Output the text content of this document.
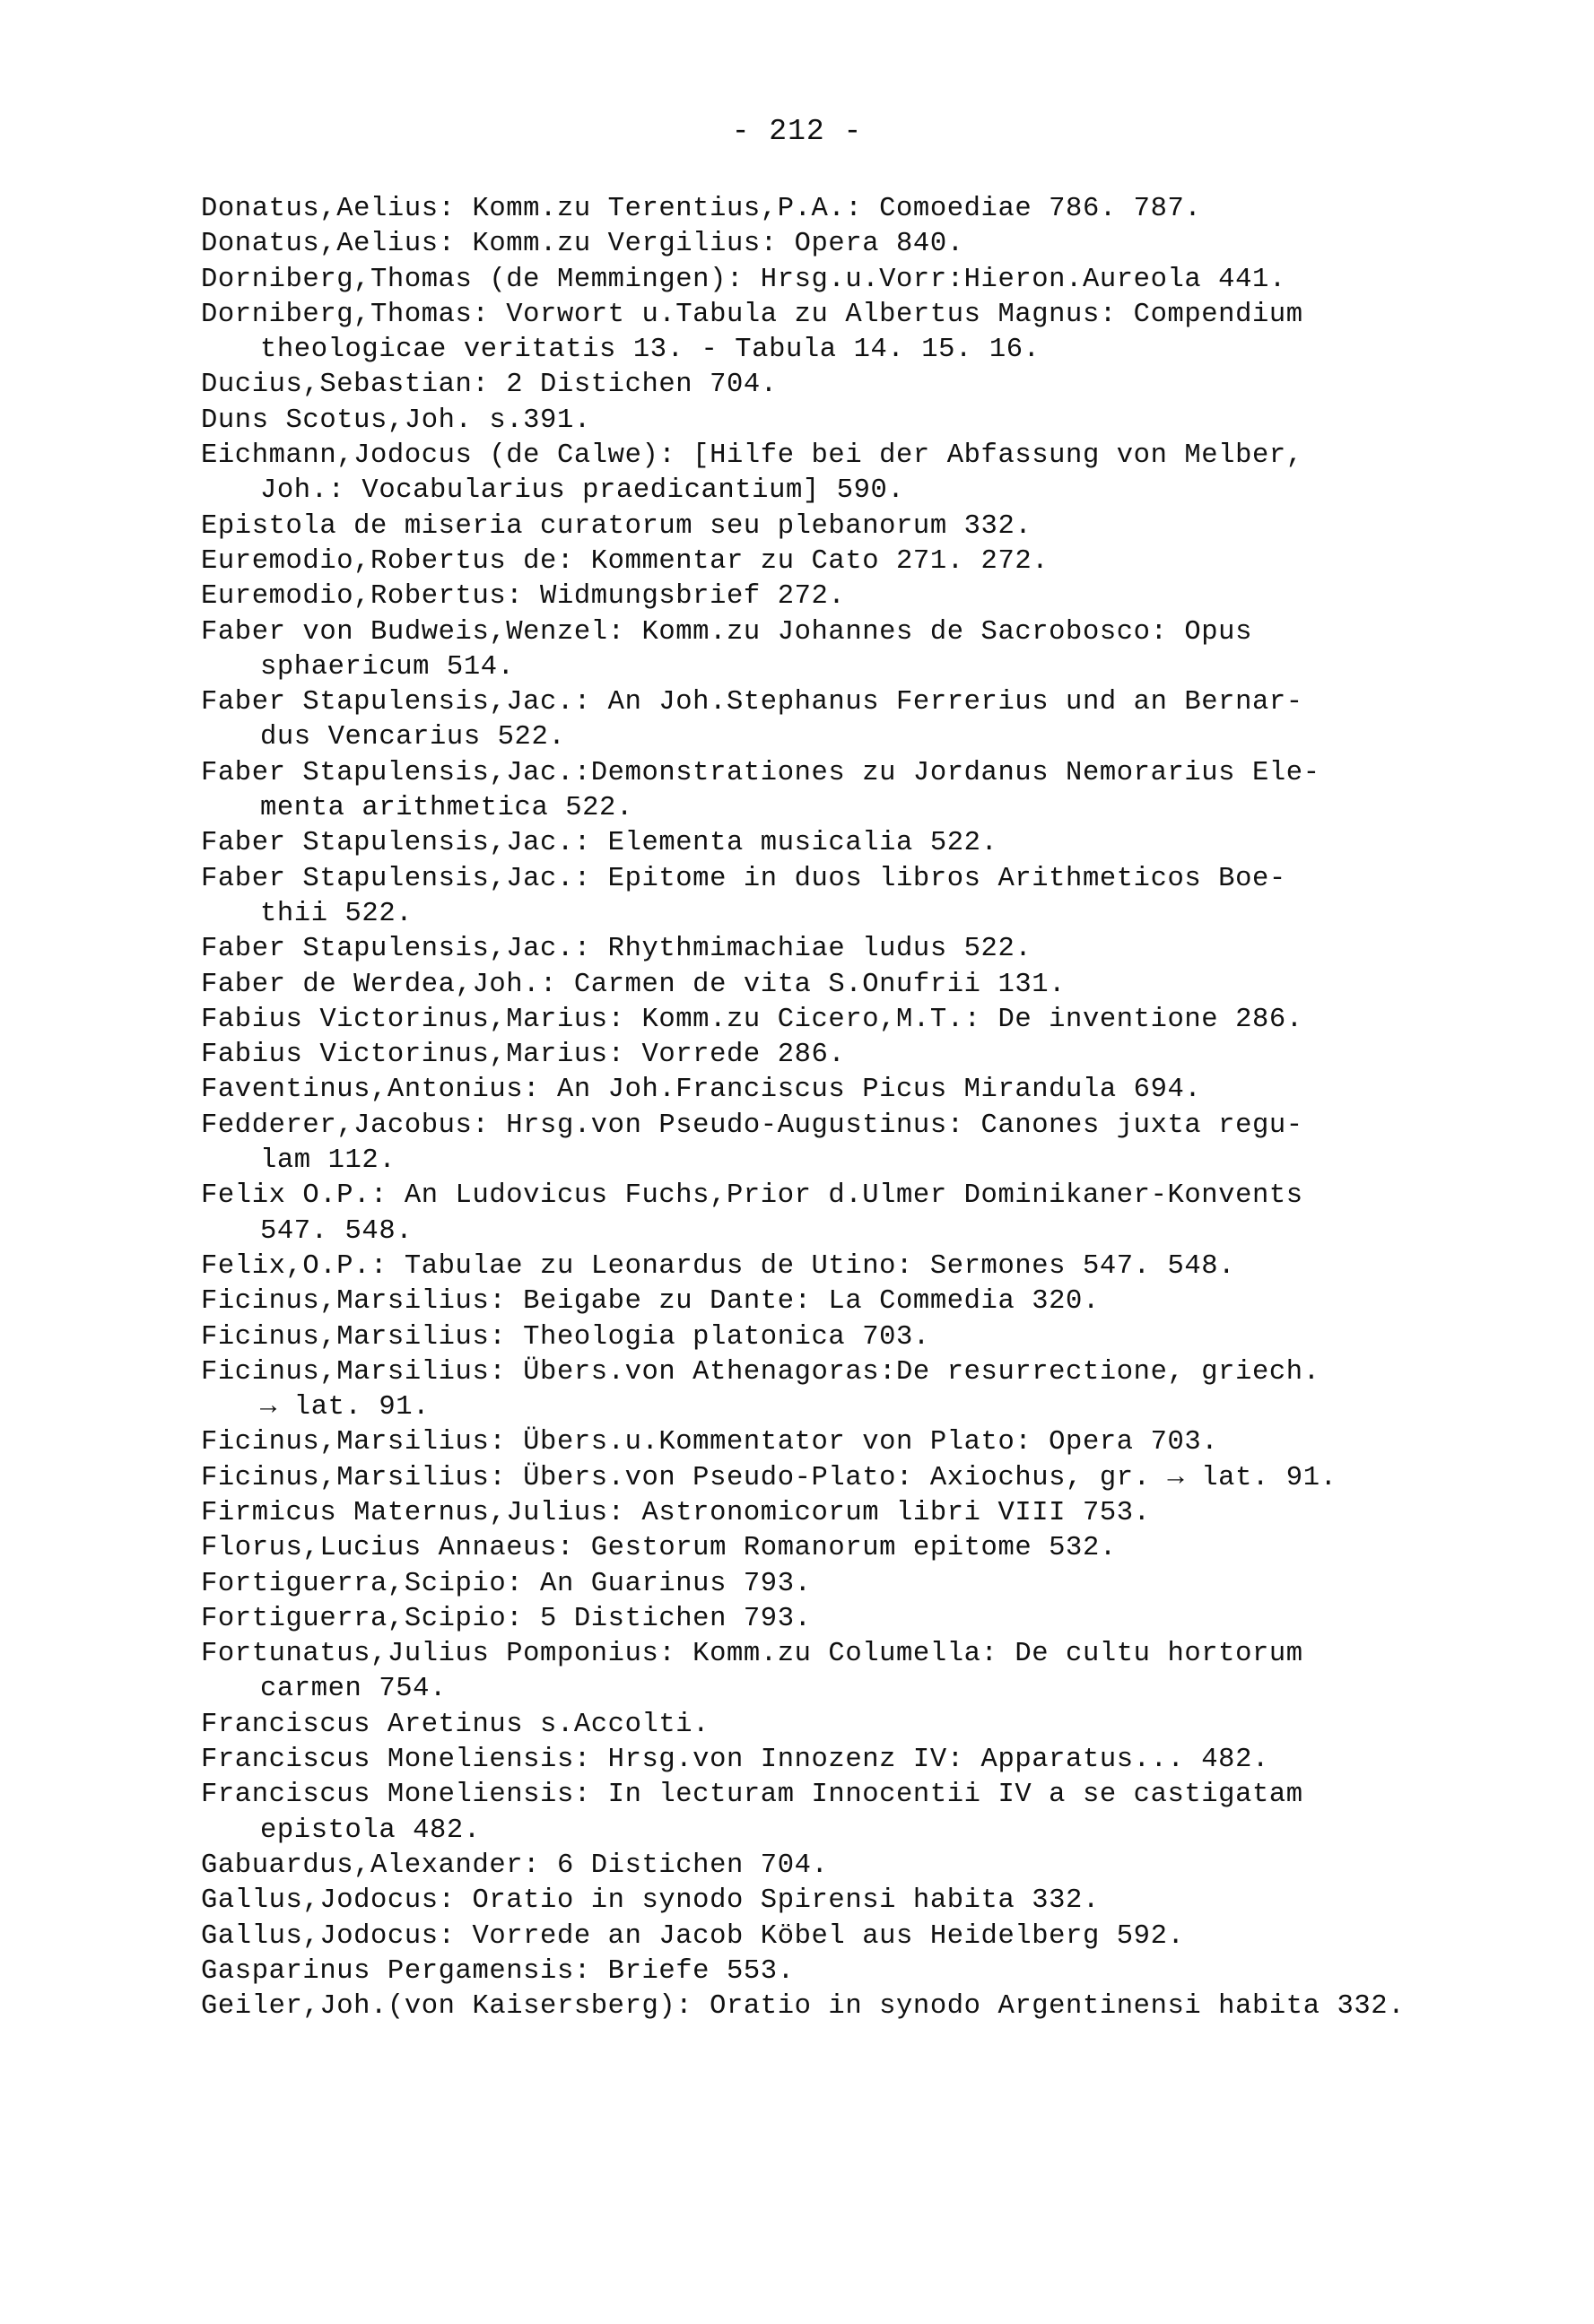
- 212 -
Donatus,Aelius: Komm.zu Terentius,P.A.: Comoediae 786. 787.
Donatus,Aelius: Komm.zu Vergilius: Opera 840.
Dorniberg,Thomas (de Memmingen): Hrsg.u.Vorr:Hieron.Aureola 441.
Dorniberg,Thomas: Vorwort u.Tabula zu Albertus Magnus: Compendium
theologicae veritatis 13. - Tabula 14. 15. 16.
Ducius,Sebastian: 2 Distichen 704.
Duns Scotus,Joh. s.391.
Eichmann,Jodocus (de Calwe): [Hilfe bei der Abfassung von Melber,
Joh.: Vocabularius praedicantium] 590.
Epistola de miseria curatorum seu plebanorum 332.
Euremodio,Robertus de: Kommentar zu Cato 271. 272.
Euremodio,Robertus: Widmungsbrief 272.
Faber von Budweis,Wenzel: Komm.zu Johannes de Sacrobosco: Opus
sphaericum 514.
Faber Stapulensis,Jac.: An Joh.Stephanus Ferrerius und an Bernar-
dus Vencarius 522.
Faber Stapulensis,Jac.:Demonstrationes zu Jordanus Nemorarius Ele-
menta arithmetica 522.
Faber Stapulensis,Jac.: Elementa musicalia 522.
Faber Stapulensis,Jac.: Epitome in duos libros Arithmeticos Boe-
thii 522.
Faber Stapulensis,Jac.: Rhythmimachiae ludus 522.
Faber de Werdea,Joh.: Carmen de vita S.Onufrii 131.
Fabius Victorinus,Marius: Komm.zu Cicero,M.T.: De inventione 286.
Fabius Victorinus,Marius: Vorrede 286.
Faventinus,Antonius: An Joh.Franciscus Picus Mirandula 694.
Fedderer,Jacobus: Hrsg.von Pseudo-Augustinus: Canones juxta regu-
lam 112.
Felix O.P.: An Ludovicus Fuchs,Prior d.Ulmer Dominikaner-Konvents
547. 548.
Felix,O.P.: Tabulae zu Leonardus de Utino: Sermones 547. 548.
Ficinus,Marsilius: Beigabe zu Dante: La Commedia 320.
Ficinus,Marsilius: Theologia platonica 703.
Ficinus,Marsilius: Übers.von Athenagoras:De resurrectione, griech.
→ lat. 91.
Ficinus,Marsilius: Übers.u.Kommentator von Plato: Opera 703.
Ficinus,Marsilius: Übers.von Pseudo-Plato: Axiochus, gr. → lat. 91.
Firmicus Maternus,Julius: Astronomicorum libri VIII 753.
Florus,Lucius Annaeus: Gestorum Romanorum epitome 532.
Fortiguerra,Scipio: An Guarinus 793.
Fortiguerra,Scipio: 5 Distichen 793.
Fortunatus,Julius Pomponius: Komm.zu Columella: De cultu hortorum
carmen 754.
Franciscus Aretinus s.Accolti.
Franciscus Moneliensis: Hrsg.von Innozenz IV: Apparatus... 482.
Franciscus Moneliensis: In lecturam Innocentii IV a se castigatam
epistola 482.
Gabuardus,Alexander: 6 Distichen 704.
Gallus,Jodocus: Oratio in synodo Spirensi habita 332.
Gallus,Jodocus: Vorrede an Jacob Köbel aus Heidelberg 592.
Gasparinus Pergamensis: Briefe 553.
Geiler,Joh.(von Kaisersberg): Oratio in synodo Argentinensi habita 332.
